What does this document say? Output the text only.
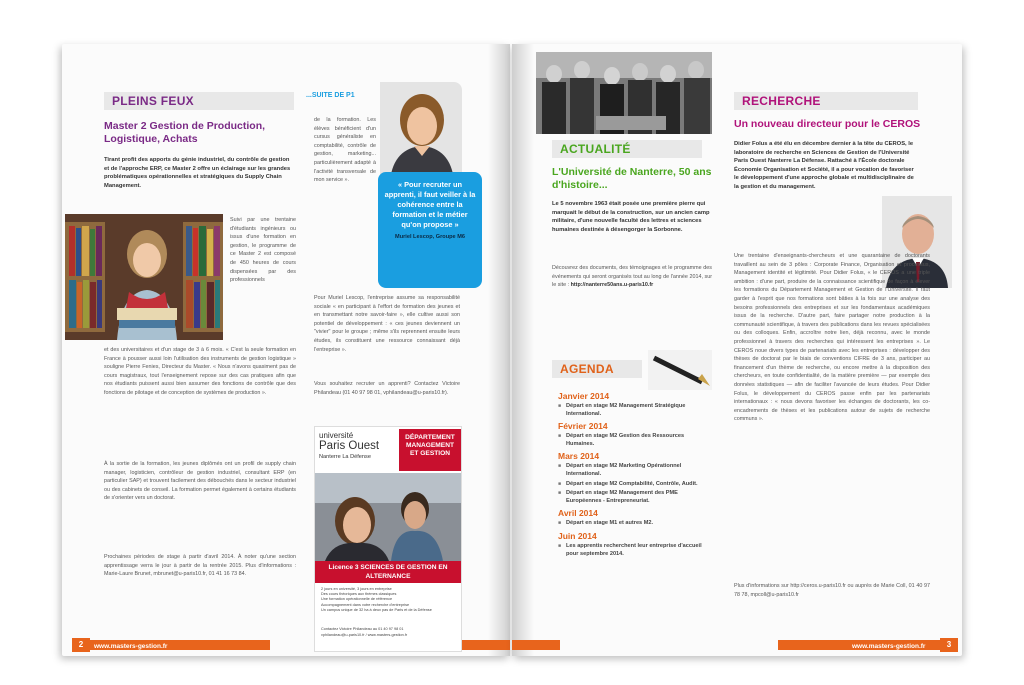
PLEINS FEUX
Master 2 Gestion de Production, Logistique, Achats
Tirant profit des apports du génie industriel, du contrôle de gestion et de l'approche ERP, ce Master 2 offre un éclairage sur les grandes problématiques opérationnelles et stratégiques du Supply Chain Management.
Suivi par une trentaine d'étudiants ingénieurs ou issus d'une formation en gestion, le programme de ce Master 2 est composé de 450 heures de cours dispensées par des professionnels
et des universitaires et d'un stage de 3 à 6 mois. « C'est la seule formation en France à pousser aussi loin l'utilisation des instruments de gestion logistique » souligne Pierre Fenies, Directeur du Master. « Nous n'avons quasiment pas de cours magistraux, tout l'enseignement repose sur des cas pratiques afin que nos étudiants puissent aussi bien assumer des fonctions de contrôle que des fonctions de pilotage et de conception de systèmes de production ».
À la sortie de la formation, les jeunes diplômés ont un profil de supply chain manager, logisticien, contrôleur de gestion industriel, consultant ERP (en particulier SAP) et trouvent facilement des débouchés dans le secteur industriel ou des cabinets de conseil. La formation permet également à certains étudiants de s'orienter vers un doctorat.
Prochaines périodes de stage à partir d'avril 2014. À noter qu'une section apprentissage verra le jour à partir de la rentrée 2015. Plus d'informations : Marie-Laure Brunet, mbrunet@u-paris10.fr, 01 41 16 73 84.
...SUITE DE P1
de la formation. Les élèves bénéficient d'un cursus généraliste en comptabilité, contrôle de gestion, marketing... particulièrement adapté à l'activité transversale de mon service ».	« Pour recruter un apprenti, il faut veiller à la cohérence entre la formation et le métier qu'on propose »
Muriel Lescop, Groupe M6
Pour Muriel Lescop, l'entreprise assume sa responsabilité sociale « en participant à l'effort de formation des jeunes et en transmettant notre savoir-faire », elle cultive aussi son potentiel de développement : « ces jeunes deviennent un "vivier" pour le groupe ; même s'ils reprennent ensuite leurs études, ils constituent une ressource connaissant déjà l'entreprise ».
Vous souhaitez recruter un apprenti? Contactez Victoire Philandeau (01 40 97 98 01, vphilandeau@u-paris10.fr).
université
Paris Ouest
Nanterre La Défense
DÉPARTEMENT MANAGEMENT ET GESTION
Licence 3 SCIENCES DE GESTION EN ALTERNANCE
2 jours en université, 3 jours en entreprise
Des cours théoriques aux thèmes classiques
Une formation opérationnelle de référence
Accompagnement dans votre recherche d'entreprise
Un campus unique de 32 ha à deux pas de Paris et de la Défense
Contactez Victoire Philandeau au 01 40 97 98 01
vphilandeau@u-paris10.fr / www.masters-gestion.fr
2	www.masters-gestion.fr
ACTUALITÉ
L'Université de Nanterre, 50 ans d'histoire...
Le 5 novembre 1963 était posée une première pierre qui marquait le début de la construction, sur un ancien camp militaire, d'une nouvelle faculté des lettres et sciences humaines destinée à désengorger la Sorbonne.
Découvrez des documents, des témoignages et le programme des événements qui seront organisés tout au long de l'année 2014, sur le site : http://nanterre50ans.u-paris10.fr
AGENDA
Janvier 2014
■ Départ en stage M2 Management Stratégique International.
Février 2014
■ Départ en stage M2 Gestion des Ressources Humaines.
Mars 2014
■ Départ en stage M2 Marketing Opérationnel International.
■ Départ en stage M2 Comptabilité, Contrôle, Audit.
■ Départ en stage M2 Management des PME Européennes - Entrepreneuriat.
Avril 2014
■ Départ en stage M1 et autres M2.
Juin 2014
■ Les apprentis recherchent leur entreprise d'accueil pour septembre 2014.
RECHERCHE
Un nouveau directeur pour le CEROS
Didier Folus a été élu en décembre dernier à la tête du CEROS, le laboratoire de recherche en Sciences de Gestion de l'Université Paris Ouest Nanterre La Défense. Rattaché à l'École doctorale Économie Organisation et Société, il a pour vocation de favoriser le développement d'une approche globale et multidisciplinaire de la gestion et du management.
Une trentaine d'enseignants-chercheurs et une quarantaine de doctorants travaillent au sein de 3 pôles : Corporate Finance, Organisation et processus, Management identité et légitimité. Pour Didier Folus, « le CEROS a une triple ambition : d'une part, produire de la connaissance scientifique de façon à élever les formations du Département Management et Gestion de l'Université. Il faut garder à l'esprit que nos formations sont bâties à la fois sur une analyse des besoins professionnels des entreprises et sur les fondamentaux académiques issus de la recherche. D'autre part, faire partager notre production à la communauté scientifique, à travers des publications dans les revues spécialisées ou des colloques. Enfin, accroître notre lien, déjà reconnu, avec le monde professionnel à travers des recherches qui intéressent les entreprises ». Le CEROS noue divers types de partenariats avec les entreprises : développer des thèses de doctorat par le biais de conventions CIFRE de 3 ans, participer au financement d'un thème de recherche, ou encore mettre à la disposition des chercheurs, en toute confidentialité, de la matière première — par exemple des données statistiques — afin de faciliter l'avancée de leurs études. Pour Didier Folus, le développement du CEROS passe enfin par les partenariats internationaux : « nous devons favoriser les échanges de doctorants, les co-encadrements de thèses et les publications autour de sujets de recherche communs ».
Plus d'informations sur http://ceros.u-paris10.fr ou auprès de Marie Coll, 01 40 97 78 78, mpcoll@u-paris10.fr
www.masters-gestion.fr	3
